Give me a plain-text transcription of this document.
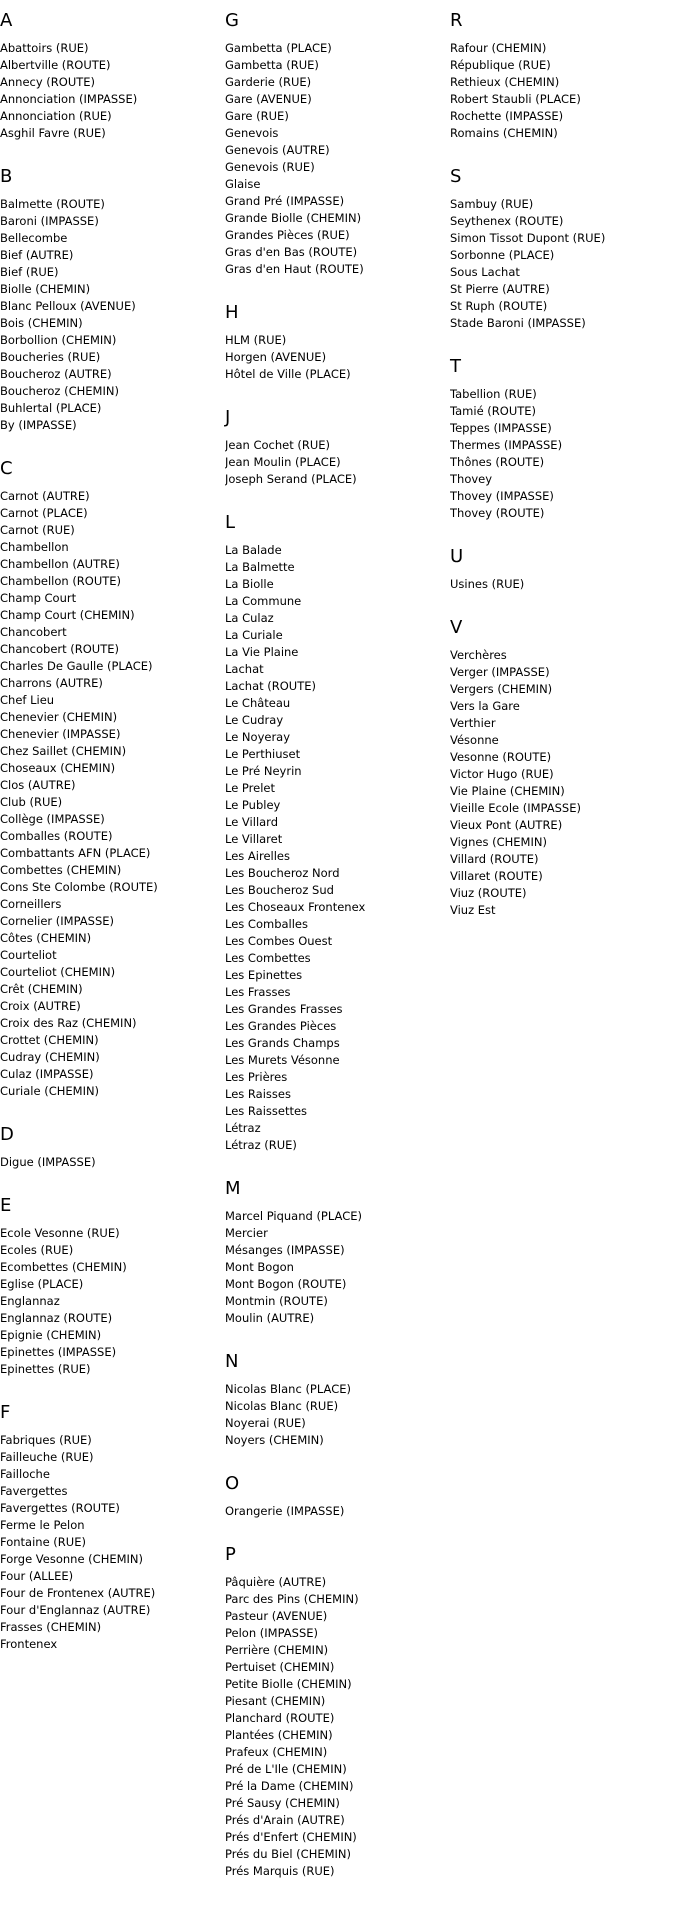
A
Abattoirs (RUE)
Albertville (ROUTE)
Annecy (ROUTE)
Annonciation (IMPASSE)
Annonciation (RUE)
Asghil Favre (RUE)
B
Balmette (ROUTE)
Baroni (IMPASSE)
Bellecombe
Bief (AUTRE)
Bief (RUE)
Biolle (CHEMIN)
Blanc Pelloux (AVENUE)
Bois (CHEMIN)
Borbollion (CHEMIN)
Boucheries (RUE)
Boucheroz (AUTRE)
Boucheroz (CHEMIN)
Buhlertal (PLACE)
By (IMPASSE)
C
Carnot (AUTRE)
Carnot (PLACE)
Carnot (RUE)
Chambellon
Chambellon (AUTRE)
Chambellon (ROUTE)
Champ Court
Champ Court (CHEMIN)
Chancobert
Chancobert (ROUTE)
Charles De Gaulle (PLACE)
Charrons (AUTRE)
Chef Lieu
Chenevier (CHEMIN)
Chenevier (IMPASSE)
Chez Saillet (CHEMIN)
Choseaux (CHEMIN)
Clos (AUTRE)
Club (RUE)
Collège (IMPASSE)
Comballes (ROUTE)
Combattants AFN (PLACE)
Combettes (CHEMIN)
Cons Ste Colombe (ROUTE)
Corneillers
Cornelier (IMPASSE)
Côtes (CHEMIN)
Courteliot
Courteliot (CHEMIN)
Crêt (CHEMIN)
Croix (AUTRE)
Croix des Raz (CHEMIN)
Crottet (CHEMIN)
Cudray (CHEMIN)
Culaz (IMPASSE)
Curiale (CHEMIN)
D
Digue (IMPASSE)
E
Ecole Vesonne (RUE)
Ecoles (RUE)
Ecombettes (CHEMIN)
Eglise (PLACE)
Englannaz
Englannaz (ROUTE)
Epignie (CHEMIN)
Epinettes (IMPASSE)
Epinettes (RUE)
F
Fabriques (RUE)
Failleuche (RUE)
Failloche
Favergettes
Favergettes (ROUTE)
Ferme le Pelon
Fontaine (RUE)
Forge Vesonne (CHEMIN)
Four (ALLEE)
Four de Frontenex (AUTRE)
Four d'Englannaz (AUTRE)
Frasses (CHEMIN)
Frontenex
G
Gambetta (PLACE)
Gambetta (RUE)
Garderie (RUE)
Gare (AVENUE)
Gare (RUE)
Genevois
Genevois (AUTRE)
Genevois (RUE)
Glaise
Grand Pré (IMPASSE)
Grande Biolle (CHEMIN)
Grandes Pièces (RUE)
Gras d'en Bas (ROUTE)
Gras d'en Haut (ROUTE)
H
HLM (RUE)
Horgen (AVENUE)
Hôtel de Ville (PLACE)
J
Jean Cochet (RUE)
Jean Moulin (PLACE)
Joseph Serand (PLACE)
L
La Balade
La Balmette
La Biolle
La Commune
La Culaz
La Curiale
La Vie Plaine
Lachat
Lachat (ROUTE)
Le Château
Le Cudray
Le Noyeray
Le Perthiuset
Le Pré Neyrin
Le Prelet
Le Publey
Le Villard
Le Villaret
Les Airelles
Les Boucheroz Nord
Les Boucheroz Sud
Les Choseaux Frontenex
Les Comballes
Les Combes Ouest
Les Combettes
Les Epinettes
Les Frasses
Les Grandes Frasses
Les Grandes Pièces
Les Grands Champs
Les Murets Vésonne
Les Prières
Les Raisses
Les Raissettes
Létraz
Létraz (RUE)
M
Marcel Piquand (PLACE)
Mercier
Mésanges (IMPASSE)
Mont Bogon
Mont Bogon (ROUTE)
Montmin (ROUTE)
Moulin (AUTRE)
N
Nicolas Blanc (PLACE)
Nicolas Blanc (RUE)
Noyerai (RUE)
Noyers (CHEMIN)
O
Orangerie (IMPASSE)
P
Pâquière (AUTRE)
Parc des Pins (CHEMIN)
Pasteur (AVENUE)
Pelon (IMPASSE)
Perrière (CHEMIN)
Pertuiset (CHEMIN)
Petite Biolle (CHEMIN)
Piesant (CHEMIN)
Planchard (ROUTE)
Plantées (CHEMIN)
Prafeux (CHEMIN)
Pré de L'Ile (CHEMIN)
Pré la Dame (CHEMIN)
Pré Sausy (CHEMIN)
Prés d'Arain (AUTRE)
Prés d'Enfert (CHEMIN)
Prés du Biel (CHEMIN)
Prés Marquis (RUE)
R
Rafour (CHEMIN)
République (RUE)
Rethieux (CHEMIN)
Robert Staubli (PLACE)
Rochette (IMPASSE)
Romains (CHEMIN)
S
Sambuy (RUE)
Seythenex (ROUTE)
Simon Tissot Dupont (RUE)
Sorbonne (PLACE)
Sous Lachat
St Pierre (AUTRE)
St Ruph (ROUTE)
Stade Baroni (IMPASSE)
T
Tabellion (RUE)
Tamié (ROUTE)
Teppes (IMPASSE)
Thermes (IMPASSE)
Thônes (ROUTE)
Thovey
Thovey (IMPASSE)
Thovey (ROUTE)
U
Usines (RUE)
V
Verchères
Verger (IMPASSE)
Vergers (CHEMIN)
Vers la Gare
Verthier
Vésonne
Vesonne (ROUTE)
Victor Hugo (RUE)
Vie Plaine (CHEMIN)
Vieille Ecole (IMPASSE)
Vieux Pont (AUTRE)
Vignes (CHEMIN)
Villard (ROUTE)
Villaret (ROUTE)
Viuz (ROUTE)
Viuz Est
